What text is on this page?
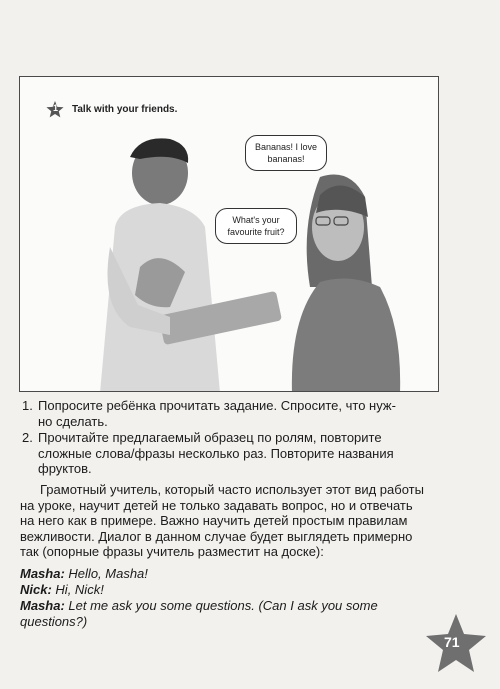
1 Talk with your friends.
Bananas! I love bananas!
What's your favourite fruit?
1. Попросите ребёнка прочитать задание. Спросите, что нуж-
но сделать.
2. Прочитайте предлагаемый образец по ролям, повторите
сложные слова/фразы несколько раз. Повторите названия
фруктов.
Грамотный учитель, который часто использует этот вид работы
на уроке, научит детей не только задавать вопрос, но и отвечать
на него как в примере. Важно научить детей простым правилам
вежливости. Диалог в данном случае будет выглядеть примерно
так (опорные фразы учитель разместит на доске):
Masha: Hello, Masha!
Nick: Hi, Nick!
Masha: Let me ask you some questions. (Can I ask you some
questions?)
71
